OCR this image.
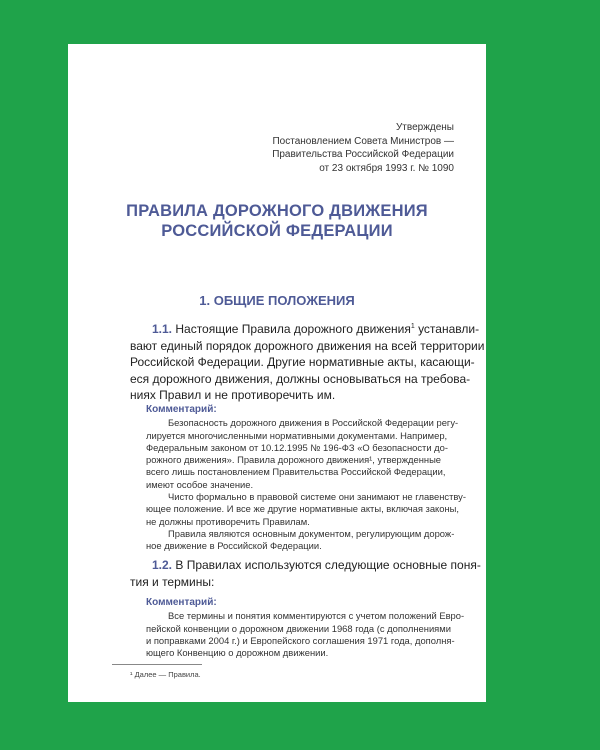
Утверждены
Постановлением Совета Министров —
Правительства Российской Федерации
от 23 октября 1993 г. № 1090
ПРАВИЛА ДОРОЖНОГО ДВИЖЕНИЯ
РОССИЙСКОЙ ФЕДЕРАЦИИ
1. ОБЩИЕ ПОЛОЖЕНИЯ
1.1. Настоящие Правила дорожного движения$^1$ устанавли-
вают единый порядок дорожного движения на всей территории
Российской Федерации. Другие нормативные акты, касающи-
еся дорожного движения, должны основываться на требова-
ниях Правил и не противоречить им.
Комментарий:
Безопасность дорожного движения в Российской Федерации регу-
лируется многочисленными нормативными документами. Например,
Федеральным законом от 10.12.1995 № 196-ФЗ «О безопасности до-
рожного движения». Правила дорожного движения¹, утвержденные
всего лишь постановлением Правительства Российской Федерации,
имеют особое значение.
Чисто формально в правовой системе они занимают не главенству-
ющее положение. И все же другие нормативные акты, включая законы,
не должны противоречить Правилам.
Правила являются основным документом, регулирующим дорож-
ное движение в Российской Федерации.
1.2. В Правилах используются следующие основные поня-
тия и термины:
Комментарий:
Все термины и понятия комментируются с учетом положений Евро-
пейской конвенции о дорожном движении 1968 года (с дополнениями
и поправками 2004 г.) и Европейского соглашения 1971 года, дополня-
ющего Конвенцию о дорожном движении.
¹ Далее — Правила.
